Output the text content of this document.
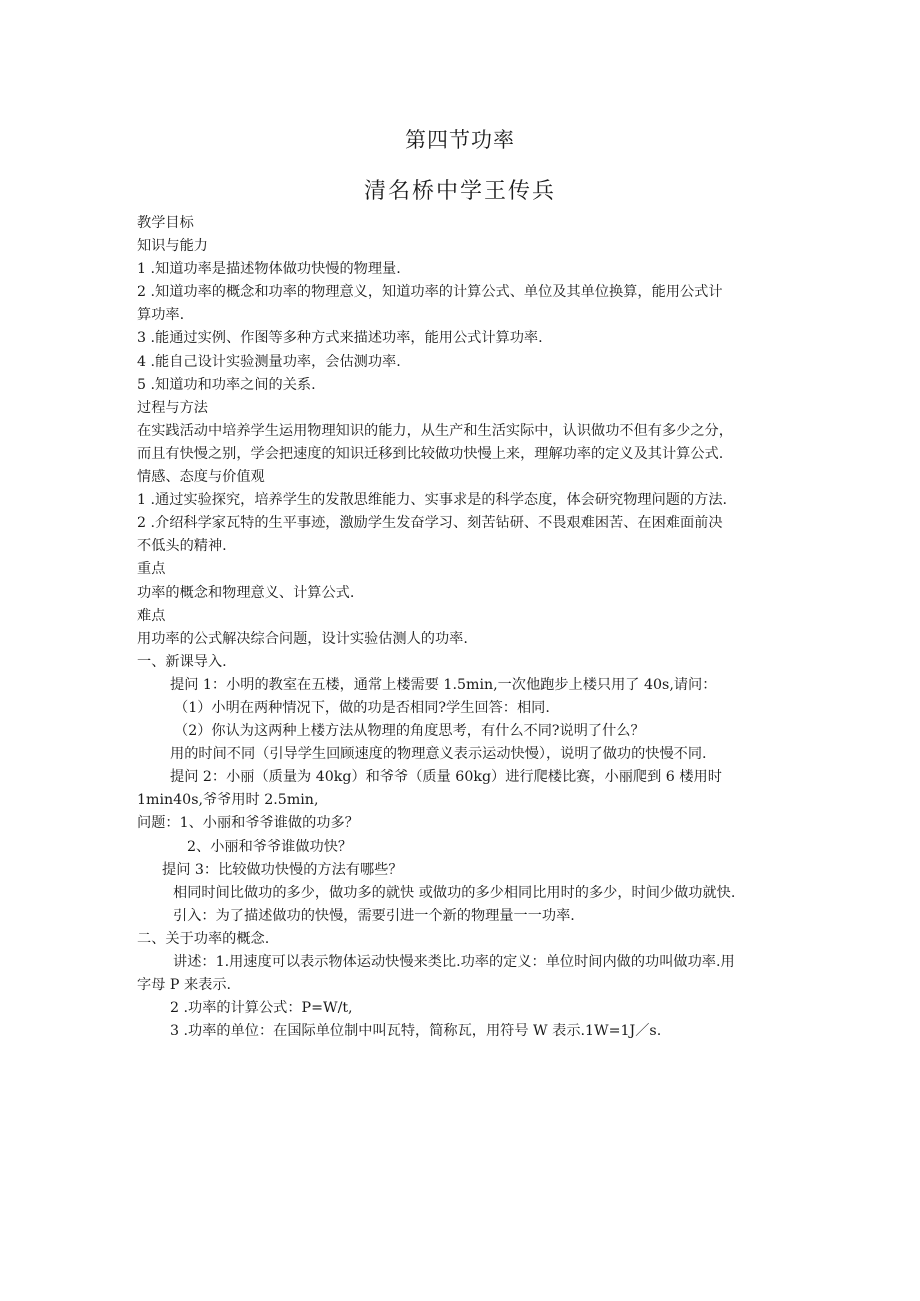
第四节功率
清名桥中学王传兵

教学目标

知识与能力

1 .知道功率是描述物体做功快慢的物理量.

2 .知道功率的概念和功率的物理意义，知道功率的计算公式、单位及其单位换算，能用公式计

算功率.

3 .能通过实例、作图等多种方式来描述功率，能用公式计算功率.

4 .能自己设计实验测量功率，会估测功率.

5 .知道功和功率之间的关系.

过程与方法

在实践活动中培养学生运用物理知识的能力，从生产和生活实际中，认识做功不但有多少之分，

而且有快慢之别，学会把速度的知识迁移到比较做功快慢上来，理解功率的定义及其计算公式.

情感、态度与价值观

1 .通过实验探究，培养学生的发散思维能力、实事求是的科学态度，体会研究物理问题的方法.

2 .介绍科学家瓦特的生平事迹，激励学生发奋学习、刻苦钻研、不畏艰难困苦、在困难面前决

不低头的精神.

重点

功率的概念和物理意义、计算公式.

难点

用功率的公式解决综合问题，设计实验估测人的功率.

一、新课导入.

提问 1：小明的教室在五楼，通常上楼需要 1.5min,一次他跑步上楼只用了 40s,请问：

（1）小明在两种情况下，做的功是否相同?学生回答：相同.

（2）你认为这两种上楼方法从物理的角度思考，有什么不同?说明了什么？

用的时间不同（引导学生回顾速度的物理意义表示运动快慢），说明了做功的快慢不同.

提问 2：小丽（质量为 40kg）和爷爷（质量 60kg）进行爬楼比赛，小丽爬到 6 楼用时

1min40s,爷爷用时 2.5min,

问题：1、小丽和爷爷谁做的功多？

2、小丽和爷爷谁做功快？

提问 3：比较做功快慢的方法有哪些？

相同时间比做功的多少，做功多的就快 或做功的多少相同比用时的多少，时间少做功就快.

引入：为了描述做功的快慢，需要引进一个新的物理量一一功率.

二、关于功率的概念.

讲述：1.用速度可以表示物体运动快慢来类比.功率的定义：单位时间内做的功叫做功率.用

字母 P 来表示.

2 .功率的计算公式：P=W/t,

3 .功率的单位：在国际单位制中叫瓦特，简称瓦，用符号 W 表示.1W=1J／s.
